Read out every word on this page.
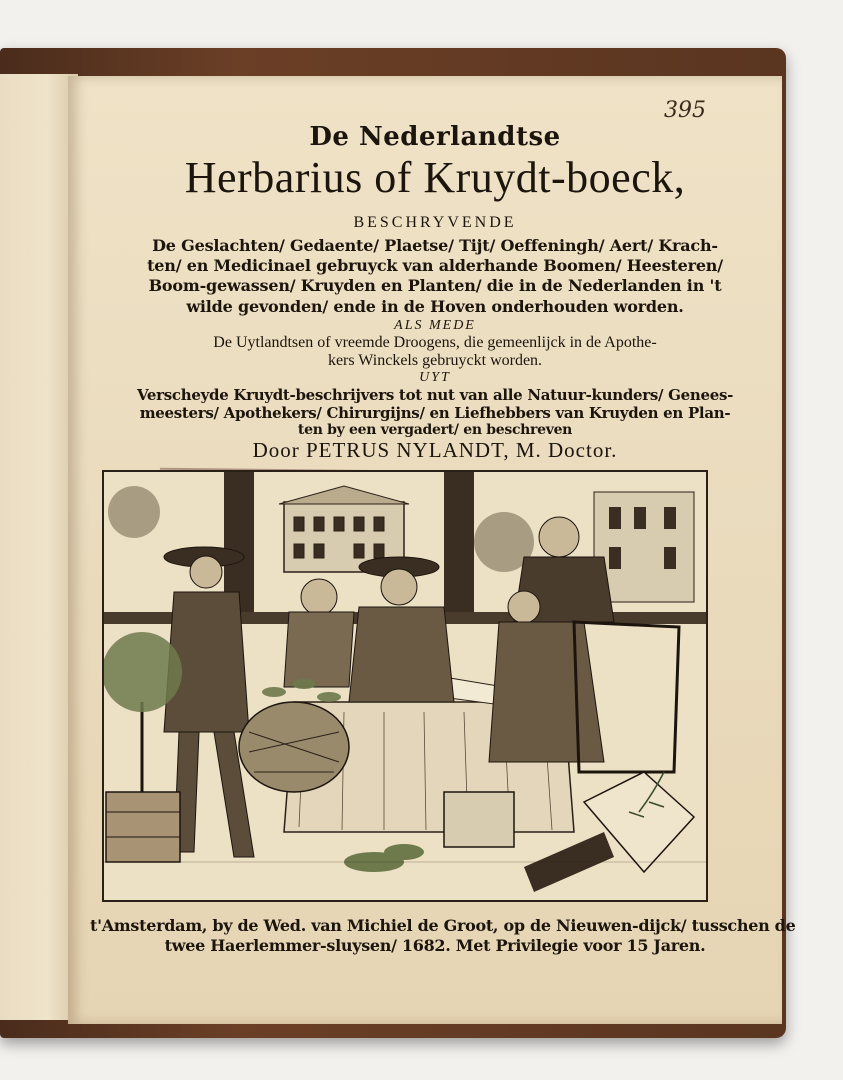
395
De Nederlandtse
Herbarius of Kruydt-boeck,
BESCHRYVENDE
De Geslachten/ Gedaente/ Plaetse/ Tijt/ Oeffeningh/ Aert/ Krach-
ten/ en Medicinael gebruyck van alderhande Boomen/ Heesteren/
Boom-gewassen/ Kruyden en Planten/ die in de Nederlanden in 't
wilde gevonden/ ende in de Hoven onderhouden worden.
ALS MEDE
De Uytlandtsen of vreemde Droogens, die gemeenlijck in de Apothe-
kers Winckels gebruyckt worden.
UYT
Verscheyde Kruydt-beschrijvers tot nut van alle Natuur-kunders/ Genees-
meesters/ Apothekers/ Chirurgijns/ en Liefhebbers van Kruyden en Plan-
ten by een vergadert/ en beschreven
Door PETRUS NYLANDT, M. Doctor.
t'Amsterdam, by de Wed. van Michiel de Groot, op de Nieuwen-dijck/ tusschen de
twee Haerlemmer-sluysen/ 1682. Met Privilegie voor 15 Jaren.
